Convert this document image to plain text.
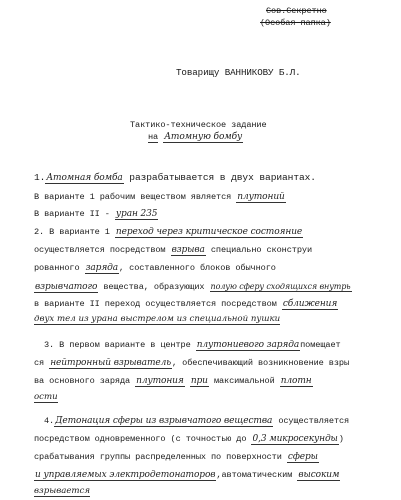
Сов.Секретно
(Особая папка)
Товарищу ВАННИКОВУ Б.Л.
Тактико-техническое задание
на Атомную бомбу
1.Атомная бомба разрабатывается в двух вариантах.
В варианте 1 рабочим веществом является плутоний
В варианте II - уран 235
2. В варианте 1 переход через критическое состояние
осуществляется посредством взрыва специально сконструи
рованного заряда, составленного блоков обычного
взрывчатого вещества, образующих полую сферу сходящихся внутрь
в варианте II переход осуществляется посредством сближения
двух тел из урана выстрелом из специальной пушки
3. В первом варианте в центре плутониевого зарядапомещает
ся нейтронный взрыватель, обеспечивающий возникновение взры
ва основного заряда плутония при максимальной плотн
ости
4.Детонация сферы из взрывчатого вещества осуществляется
посредством одновременного (с точностью до 0,3 микросекунды)
срабатывания группы распределенных по поверхности сферы
и управляемых электродетонаторов,автоматическим высоким
взрывается
